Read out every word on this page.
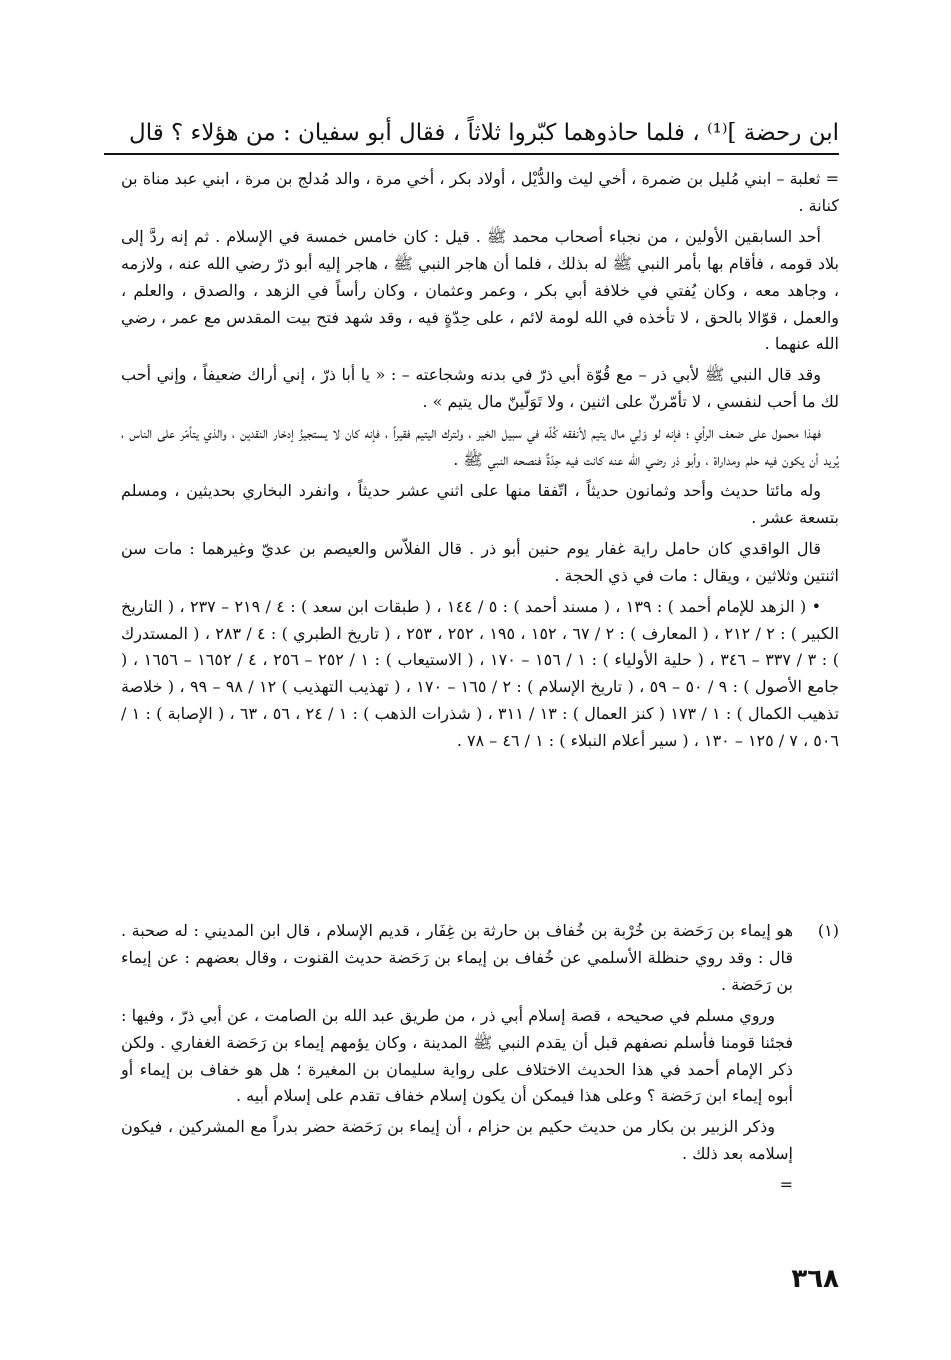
ابن رحضة ]⁽¹⁾ ، فلما حاذوهما كبّروا ثلاثاً ، فقال أبو سفيان : من هؤلاء ؟ قال

= ثعلبة – ابني مُليل بن ضمرة ، أخي ليث والدُّيْل ، أولاد بكر ، أخي مرة ، والد مُدلج بن مرة ، ابني عبد مناة بن كنانة .

أحد السابقين الأولين ، من نجباء أصحاب محمد ﷺ . قيل : كان خامس خمسة في الإسلام . ثم إنه ردَّ إلى بلاد قومه ، فأقام بها بأمر النبي ﷺ له بذلك ، فلما أن هاجر النبي ﷺ ، هاجر إليه أبو ذرّ رضي الله عنه ، ولازمه ، وجاهد معه ، وكان يُفتي في خلافة أبي بكر ، وعمر وعثمان ، وكان رأساً في الزهد ، والصدق ، والعلم ، والعمل ، قوّالا بالحق ، لا تأخذه في الله لومة لائم ، على حِدّةٍ فيه ، وقد شهد فتح بيت المقدس مع عمر ، رضي الله عنهما .

وقد قال النبي ﷺ لأبي ذر – مع قُوّة أبي ذرّ في بدنه وشجاعته – : « يا أبا ذرّ ، إني أراك ضعيفاً ، وإني أحب لك ما أحب لنفسي ، لا تأمّرنّ على اثنين ، ولا تَوَلّينّ مال يتيم » .

فهذا محمول على ضعف الرأي ؛ فإنه لو وَلِي مال يتيم لأنفقه كُلّه في سبيل الخير ، ولترك اليتيم فقيراً ، فإنه كان لا يستجيزُ إدخار النقدين ، والذي يتأمّر على الناس ، يُريد أن يكون فيه حلم ومداراة ، وأبو ذر رضي الله عنه كانت فيه حِدّةٌ فنصحه النبي ﷺ .

وله مائتا حديث وأحد وثمانون حديثاً ، اتّفقا منها على اثني عشر حديثاً ، وانفرد البخاري بحديثين ، ومسلم بتسعة عشر .

قال الواقدي كان حامل راية غفار يوم حنين أبو ذر . قال الفلاّس والعيصم بن عديّ وغيرهما : مات سن اثنتين وثلاثين ، ويقال : مات في ذي الحجة .

• ( الزهد للإمام أحمد ) : ١٣٩ ، ( مسند أحمد ) : ٥ / ١٤٤ ، ( طبقات ابن سعد ) : ٤ / ٢١٩ – ٢٣٧ ، ( التاريخ الكبير ) : ٢ / ٢١٢ ، ( المعارف ) : ٢ / ٦٧ ، ١٥٢ ، ١٩٥ ، ٢٥٢ ، ٢٥٣ ، ( تاريخ الطبري ) : ٤ / ٢٨٣ ، ( المستدرك ) : ٣ / ٣٣٧ – ٣٤٦ ، ( حلية الأولياء ) : ١ / ١٥٦ – ١٧٠ ، ( الاستيعاب ) : ١ / ٢٥٢ – ٢٥٦ ، ٤ / ١٦٥٢ – ١٦٥٦ ، ( جامع الأصول ) : ٩ / ٥٠ – ٥٩ ، ( تاريخ الإسلام ) : ٢ / ١٦٥ – ١٧٠ ، ( تهذيب التهذيب ) ١٢ / ٩٨ – ٩٩ ، ( خلاصة تذهيب الكمال ) : ١ / ١٧٣ ( كنز العمال ) : ١٣ / ٣١١ ، ( شذرات الذهب ) : ١ / ٢٤ ، ٥٦ ، ٦٣ ، ( الإصابة ) : ١ / ٥٠٦ ، ٧ / ١٢٥ – ١٣٠ ، ( سير أعلام النبلاء ) : ١ / ٤٦ – ٧٨ .

(١)

هو إيماء بن رَحَضة بن خُرْبة بن خُفاف بن حارثة بن غِفَار ، قديم الإسلام ، قال ابن المديني : له صحبة . قال : وقد روي حنظلة الأسلمي عن خُفاف بن إيماء بن رَحَضة حديث القنوت ، وقال بعضهم : عن إيماء بن رَحَضة .

وروي مسلم في صحيحه ، قصة إسلام أبي ذر ، من طريق عبد الله بن الصامت ، عن أبي ذرّ ، وفيها : فجئنا قومنا فأسلم نصفهم قبل أن يقدم النبي ﷺ المدينة ، وكان يؤمهم إيماء بن رَحَضة الغفاري . ولكن ذكر الإمام أحمد في هذا الحديث الاختلاف على رواية سليمان بن المغيرة ؛ هل هو خفاف بن إيماء أو أبوه إيماء ابن رَحَضة ؟ وعلى هذا فيمكن أن يكون إسلام خفاف تقدم على إسلام أبيه .

وذكر الزبير بن بكار من حديث حكيم بن حزام ، أن إيماء بن رَحَضة حضر بدراً مع المشركين ، فيكون إسلامه بعد ذلك .

=

٣٦٨
